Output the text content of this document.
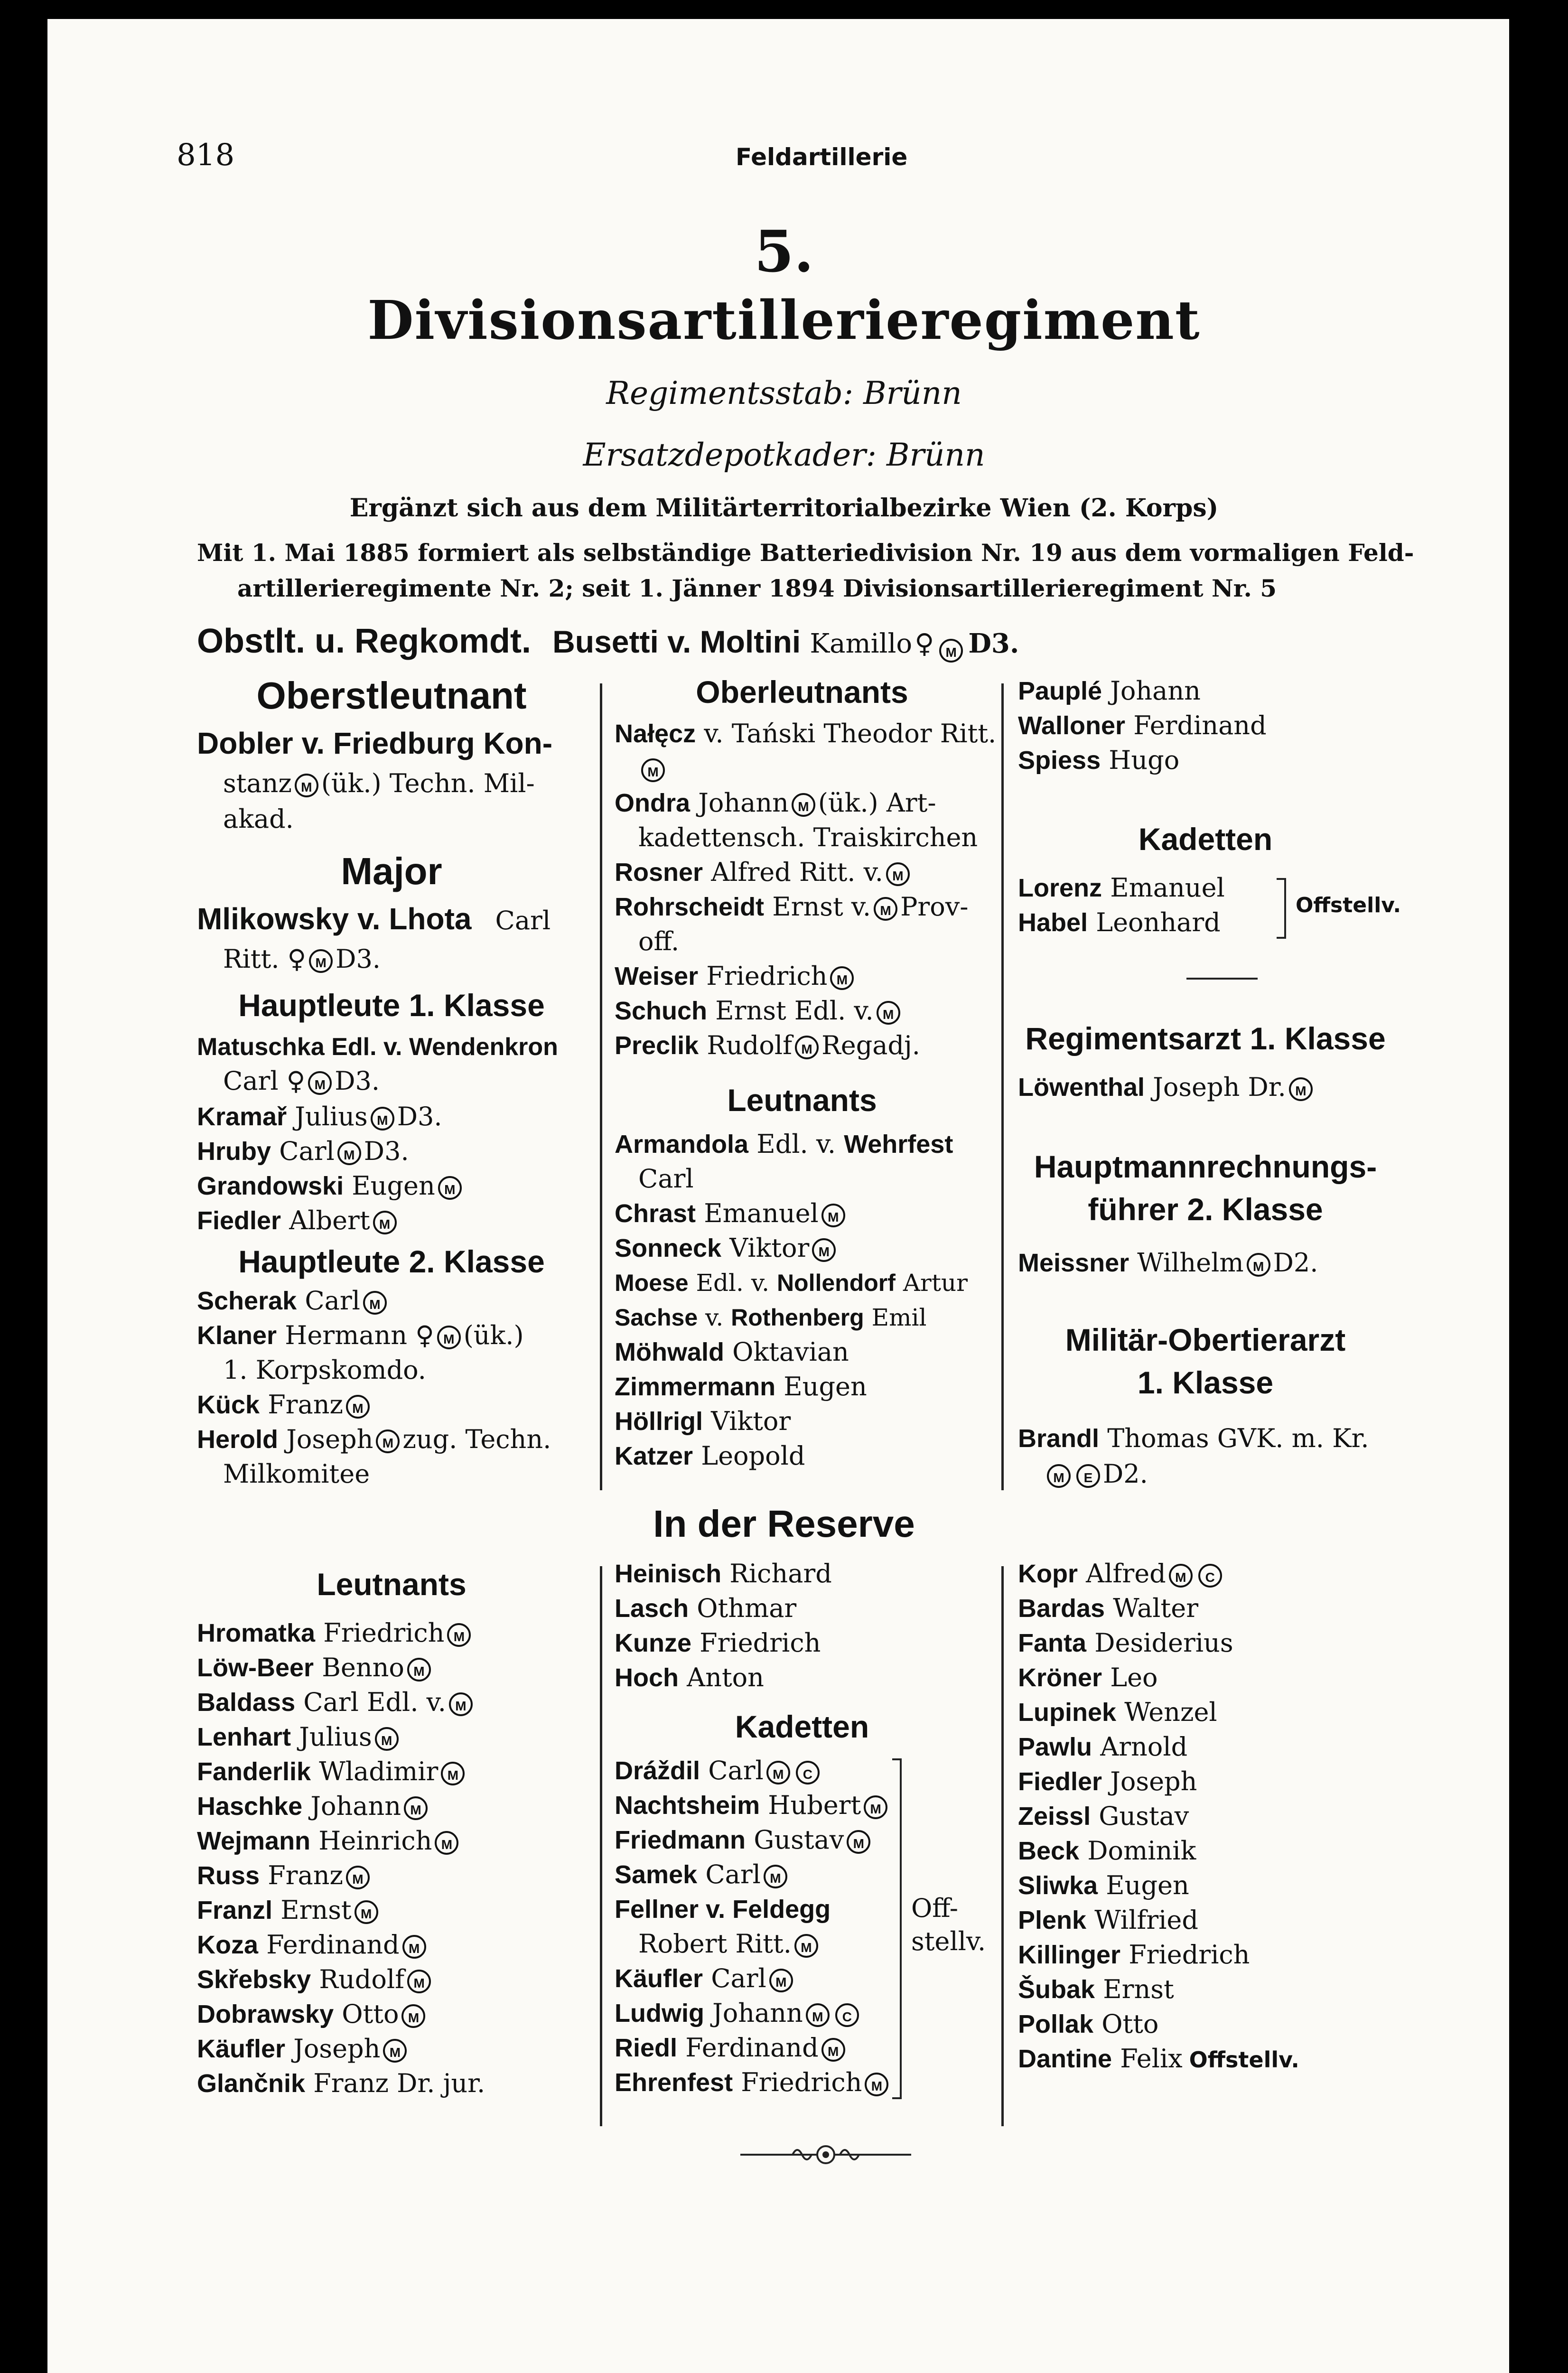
818	Feldartillerie
5.
Divisionsartillerieregiment
Regimentsstab: Brünn
Ersatzdepotkader: Brünn
Ergänzt sich aus dem Militärterritorialbezirke Wien (2. Korps)
Mit 1. Mai 1885 formiert als selbständige Batteriedivision Nr. 19 aus dem vormaligen Feld-
artillerieregimente Nr. 2; seit 1. Jänner 1894 Divisionsartillerieregiment Nr. 5
Obstlt. u. Regkomdt. Busetti v. Moltini Kamillo ♀ M D3.
Oberstleutnant
Dobler v. Friedburg Kon-
stanz M (ük.) Techn. Mil-
akad.
Major
Mlikowsky v. Lhota Carl
Ritt. ♀ M D3.
Hauptleute 1. Klasse
Matuschka Edl. v. Wendenkron
Carl ♀ M D3.
Kramař Julius M D3.
Hruby Carl M D3.
Grandowski Eugen M
Fiedler Albert M
Hauptleute 2. Klasse
Scherak Carl M
Klaner Hermann ♀ M (ük.)
1. Korpskomdo.
Kück Franz M
Herold Joseph M zug. Techn.
Milkomitee
Oberleutnants
Nałęcz v. Tański Theodor Ritt.
M
Ondra Johann M (ük.) Art-
kadettensch. Traiskirchen
Rosner Alfred Ritt. v. M
Rohrscheidt Ernst v. M Prov-
off.
Weiser Friedrich M
Schuch Ernst Edl. v. M
Preclik Rudolf M Regadj.
Leutnants
Armandola Edl. v. Wehrfest
Carl
Chrast Emanuel M
Sonneck Viktor M
Moese Edl. v. Nollendorf Artur
Sachse v. Rothenberg Emil
Möhwald Oktavian
Zimmermann Eugen
Höllrigl Viktor
Katzer Leopold
Pauplé Johann
Walloner Ferdinand
Spiess Hugo
Kadetten
Lorenz Emanuel
Habel Leonhard
Offstellv.
Regimentsarzt 1. Klasse
Löwenthal Joseph Dr. M
Hauptmannrechnungs-
führer 2. Klasse
Meissner Wilhelm M D2.
Militär-Obertierarzt
1. Klasse
Brandl Thomas GVK. m. Kr.
M E D2.
In der Reserve
Leutnants
Kadetten
Off-
stellv.
Hromatka Friedrich M
Löw-Beer Benno M
Baldass Carl Edl. v. M
Lenhart Julius M
Fanderlik Wladimir M
Haschke Johann M
Wejmann Heinrich M
Russ Franz M
Franzl Ernst M
Koza Ferdinand M
Skřebsky Rudolf M
Dobrawsky Otto M
Käufler Joseph M
Glančnik Franz Dr. jur.
Heinisch Richard
Lasch Othmar
Kunze Friedrich
Hoch Anton
Dráždil Carl M C
Nachtsheim Hubert M
Friedmann Gustav M
Samek Carl M
Fellner v. Feldegg
Robert Ritt. M
Käufler Carl M
Ludwig Johann M C
Riedl Ferdinand M
Ehrenfest Friedrich M
Kopr Alfred M C
Bardas Walter
Fanta Desiderius
Kröner Leo
Lupinek Wenzel
Pawlu Arnold
Fiedler Joseph
Zeissl Gustav
Beck Dominik
Sliwka Eugen
Plenk Wilfried
Killinger Friedrich
Šubak Ernst
Pollak Otto
Dantine Felix Offstellv.
